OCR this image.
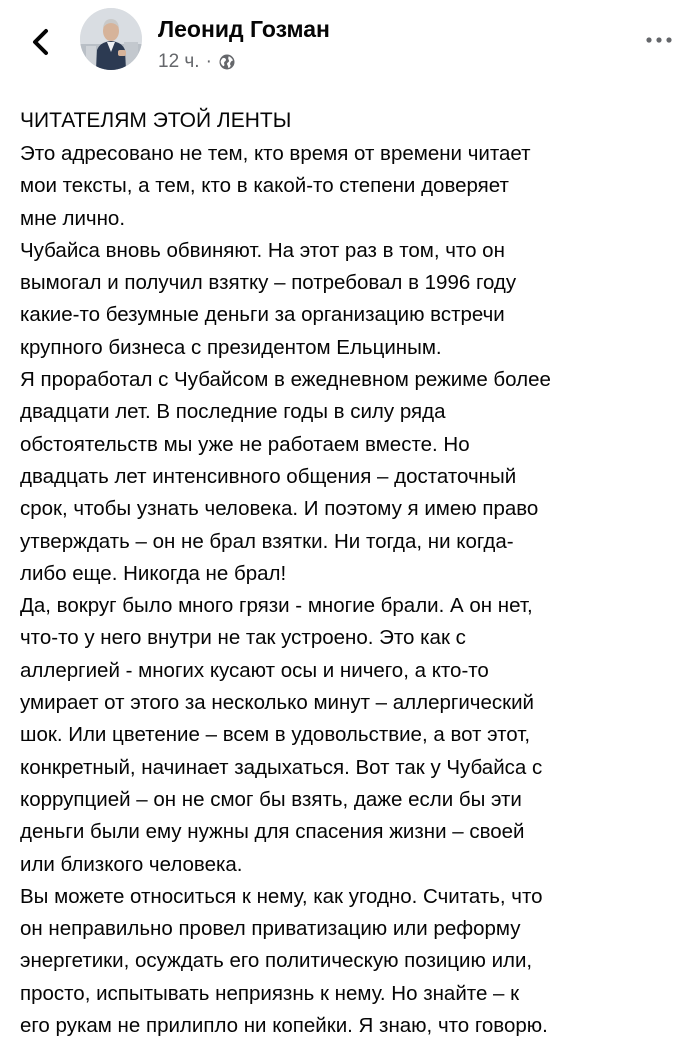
Леонид Гозман
12 ч. ·
ЧИТАТЕЛЯМ ЭТОЙ ЛЕНТЫ
Это адресовано не тем, кто время от времени читает
мои тексты, а тем, кто в какой-то степени доверяет
мне лично.
Чубайса вновь обвиняют. На этот раз в том, что он
вымогал и получил взятку – потребовал в 1996 году
какие-то безумные деньги за организацию встречи
крупного бизнеса с президентом Ельциным.
Я проработал с Чубайсом в ежедневном режиме более
двадцати лет. В последние годы в силу ряда
обстоятельств мы уже не работаем вместе. Но
двадцать лет интенсивного общения – достаточный
срок, чтобы узнать человека. И поэтому я имею право
утверждать – он не брал взятки. Ни тогда, ни когда-
либо еще. Никогда не брал!
Да, вокруг было много грязи - многие брали. А он нет,
что-то у него внутри не так устроено. Это как с
аллергией - многих кусают осы и ничего, а кто-то
умирает от этого за несколько минут – аллергический
шок. Или цветение – всем в удовольствие, а вот этот,
конкретный, начинает задыхаться. Вот так у Чубайса с
коррупцией – он не смог бы взять, даже если бы эти
деньги были ему нужны для спасения жизни – своей
или близкого человека.
Вы можете относиться к нему, как угодно. Считать, что
он неправильно провел приватизацию или реформу
энергетики, осуждать его политическую позицию или,
просто, испытывать неприязнь к нему. Но знайте – к
его рукам не прилипло ни копейки. Я знаю, что говорю.
